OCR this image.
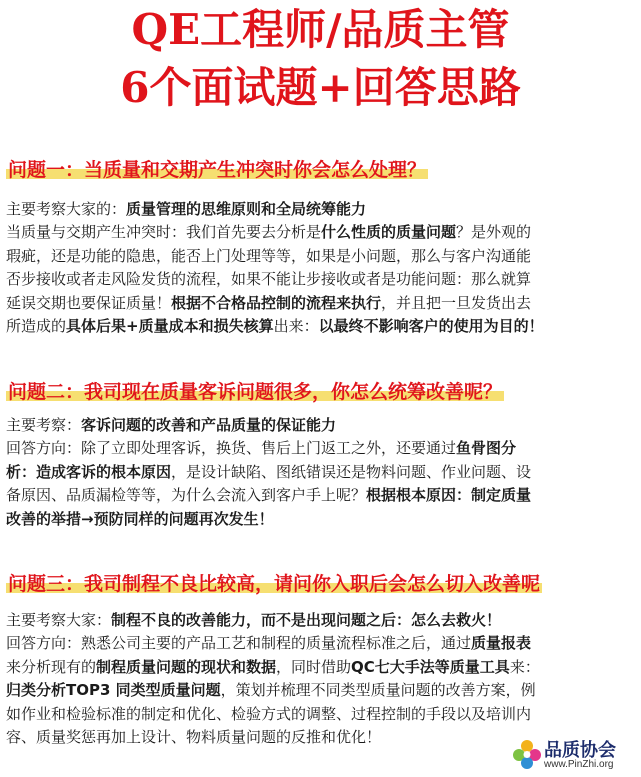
QE工程师/品质主管
6个面试题+回答思路
问题一：当质量和交期产生冲突时你会怎么处理？
主要考察大家的：质量管理的思维原则和全局统筹能力
当质量与交期产生冲突时：我们首先要去分析是什么性质的质量问题？是外观的
瑕疵，还是功能的隐患，能否上门处理等等，如果是小问题，那么与客户沟通能
否步接收或者走风险发货的流程，如果不能让步接收或者是功能问题：那么就算
延误交期也要保证质量！根据不合格品控制的流程来执行，并且把一旦发货出去
所造成的具体后果+质量成本和损失核算出来：以最终不影响客户的使用为目的！
问题二：我司现在质量客诉问题很多，你怎么统筹改善呢？
主要考察：客诉问题的改善和产品质量的保证能力
回答方向：除了立即处理客诉，换货、售后上门返工之外，还要通过鱼骨图分
析：造成客诉的根本原因，是设计缺陷、图纸错误还是物料问题、作业问题、设
备原因、品质漏检等等，为什么会流入到客户手上呢？根据根本原因：制定质量
改善的举措→预防同样的问题再次发生！
问题三：我司制程不良比较高，请问你入职后会怎么切入改善呢
主要考察大家：制程不良的改善能力，而不是出现问题之后：怎么去救火！
回答方向：熟悉公司主要的产品工艺和制程的质量流程标准之后，通过质量报表
来分析现有的制程质量问题的现状和数据，同时借助QC七大手法等质量工具来：
归类分析TOP3 同类型质量问题，策划并梳理不同类型质量问题的改善方案，例
如作业和检验标准的制定和优化、检验方式的调整、过程控制的手段以及培训内
容、质量奖惩再加上设计、物料质量问题的反推和优化！
品质协会
www.PinZhi.org
